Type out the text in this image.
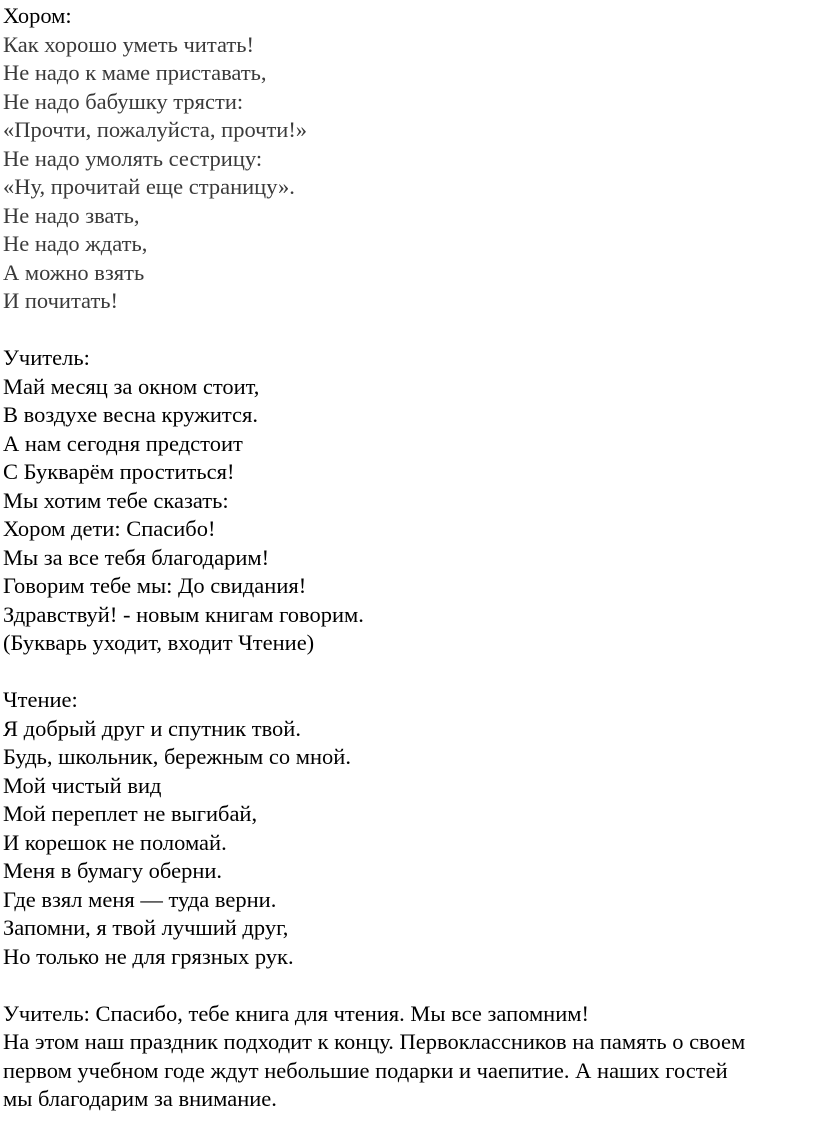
Хором:
Как хорошо уметь читать!
Не надо к маме приставать,
Не надо бабушку трясти:
«Прочти, пожалуйста, прочти!»
Не надо умолять сестрицу:
«Ну, прочитай еще страницу».
Не надо звать,
Не надо ждать,
А можно взять
И почитать!
Учитель:
Май месяц за окном стоит,
В воздухе весна кружится.
А нам сегодня предстоит
С Букварём проститься!
Мы хотим тебе сказать:
Хором дети: Спасибо!
Мы за все тебя благодарим!
Говорим тебе мы: До свидания!
Здравствуй! - новым книгам говорим.
(Букварь уходит, входит Чтение)
Чтение:
Я добрый друг и спутник твой.
Будь, школьник, бережным со мной.
Мой чистый вид
Мой переплет не выгибай,
И корешок не поломай.
Меня в бумагу оберни.
Где взял меня — туда верни.
Запомни, я твой лучший друг,
Но только не для грязных рук.
Учитель: Спасибо, тебе книга для чтения. Мы все запомним!
На этом наш праздник подходит к концу. Первоклассников на память о своем
первом учебном годе ждут небольшие подарки и чаепитие. А наших гостей
мы благодарим за внимание.
